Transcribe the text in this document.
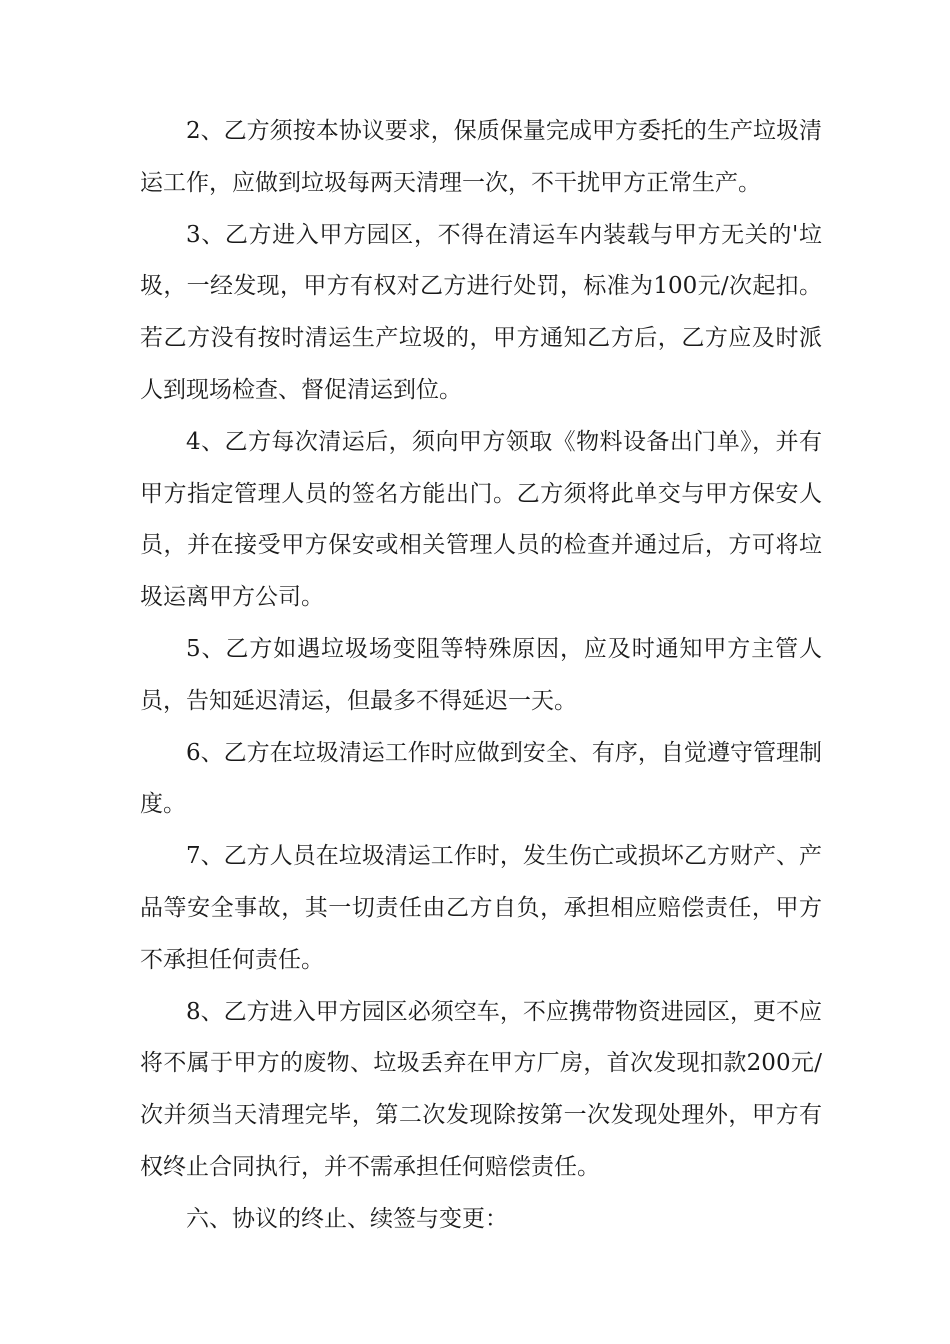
2、乙方须按本协议要求，保质保量完成甲方委托的生产垃圾清运工作，应做到垃圾每两天清理一次，不干扰甲方正常生产。

3、乙方进入甲方园区，不得在清运车内装载与甲方无关的'垃圾，一经发现，甲方有权对乙方进行处罚，标准为100元/次起扣。若乙方没有按时清运生产垃圾的，甲方通知乙方后，乙方应及时派人到现场检查、督促清运到位。

4、乙方每次清运后，须向甲方领取《物料设备出门单》，并有甲方指定管理人员的签名方能出门。乙方须将此单交与甲方保安人员，并在接受甲方保安或相关管理人员的检查并通过后，方可将垃圾运离甲方公司。

5、乙方如遇垃圾场变阻等特殊原因，应及时通知甲方主管人员，告知延迟清运，但最多不得延迟一天。

6、乙方在垃圾清运工作时应做到安全、有序，自觉遵守管理制度。

7、乙方人员在垃圾清运工作时，发生伤亡或损坏乙方财产、产品等安全事故，其一切责任由乙方自负，承担相应赔偿责任，甲方不承担任何责任。

8、乙方进入甲方园区必须空车，不应携带物资进园区，更不应将不属于甲方的废物、垃圾丢弃在甲方厂房，首次发现扣款200元/次并须当天清理完毕，第二次发现除按第一次发现处理外，甲方有权终止合同执行，并不需承担任何赔偿责任。

六、协议的终止、续签与变更：
